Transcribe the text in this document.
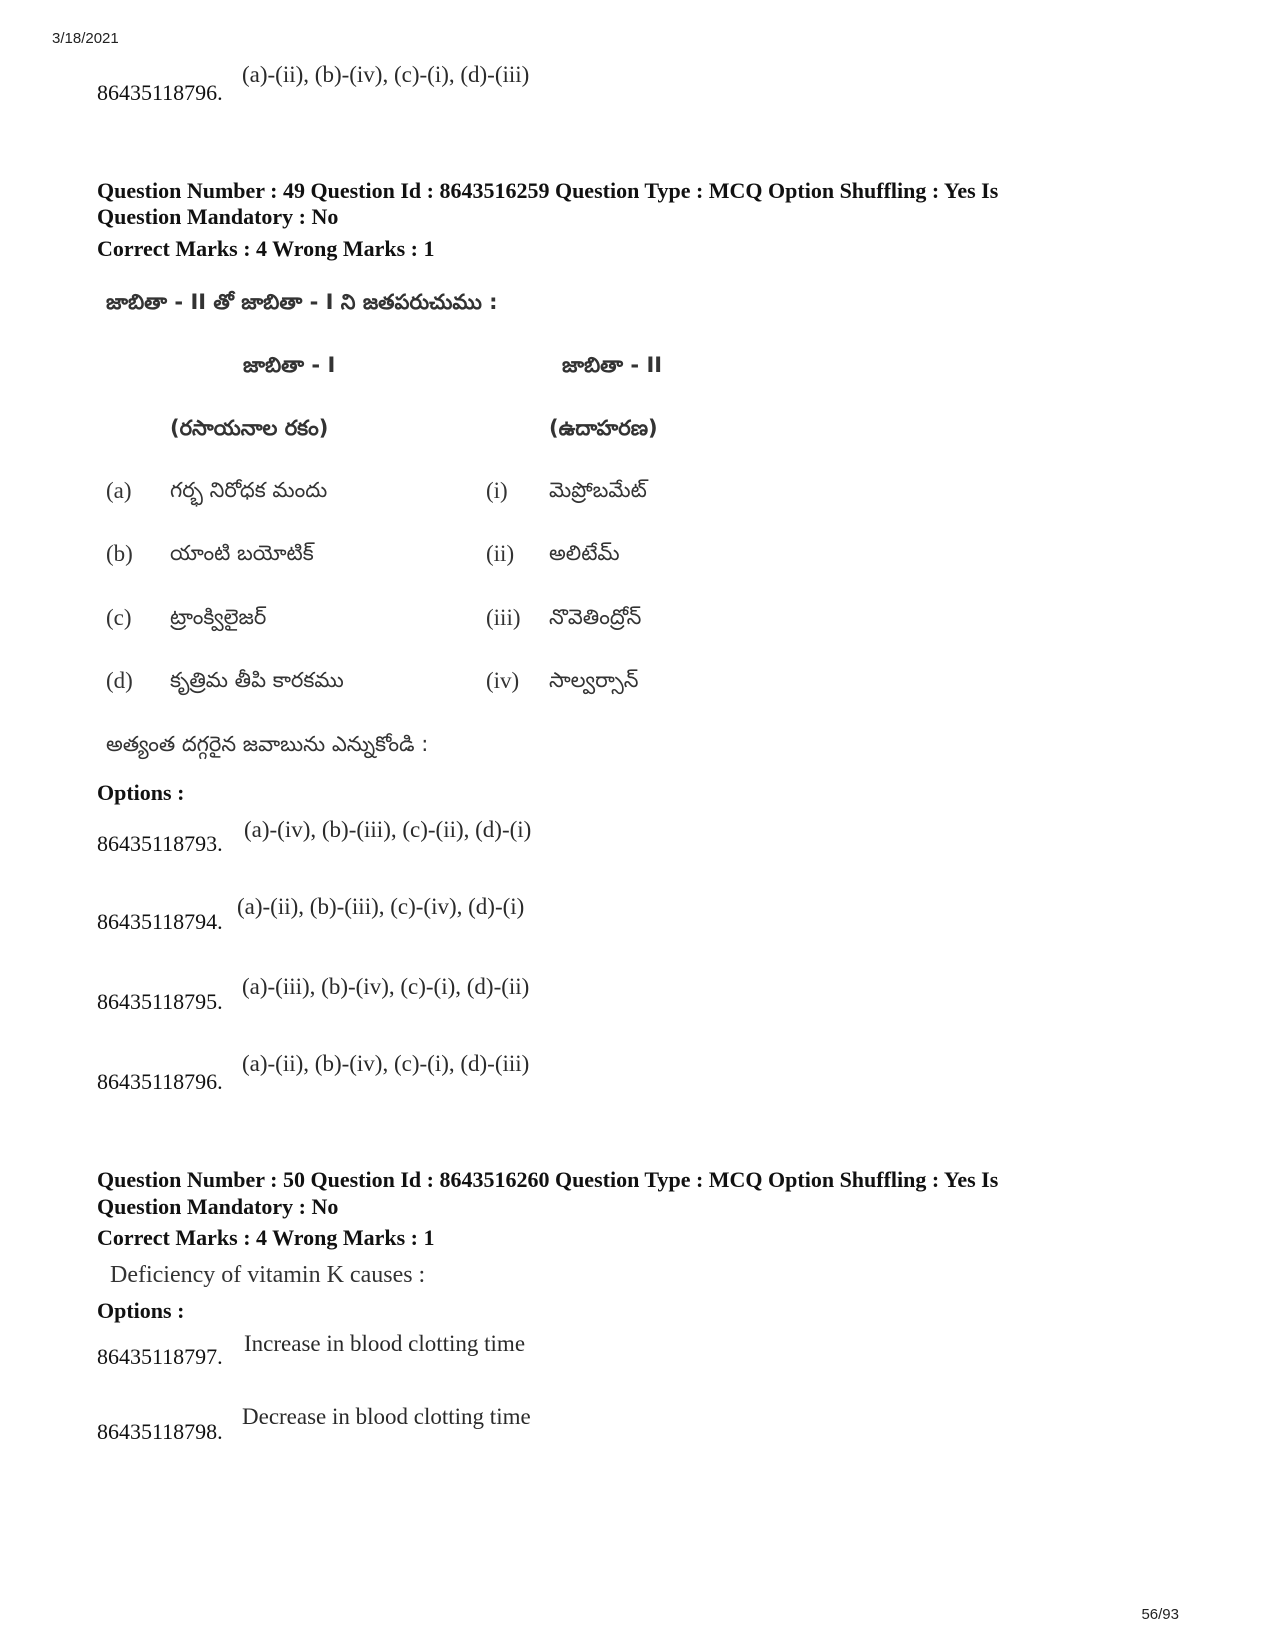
3/18/2021
56/93
86435118796.
(a)-(ii), (b)-(iv), (c)-(i), (d)-(iii)
Question Number : 49 Question Id : 8643516259 Question Type : MCQ Option Shuffling : Yes Is
Question Mandatory : No
Correct Marks : 4 Wrong Marks : 1
జాబితా - II తో జాబితా - I ని జతపరుచుము :
జాబితా - I	జాబితా - II
(రసాయనాల రకం)	(ఉదాహరణ)
(a) గర్భ నిరోధక మందు	(i) మెప్రోబమేట్
(b) యాంటి బయోటిక్	(ii) అలిటేమ్
(c) ట్రాంక్విలైజర్	(iii) నొవెతింద్రోన్
(d) కృత్రిమ తీపి కారకము	(iv) సాల్వర్సాన్
అత్యంత దగ్గరైన జవాబును ఎన్నుకోండి :
Options :
86435118793.
(a)-(iv), (b)-(iii), (c)-(ii), (d)-(i)
86435118794.
(a)-(ii), (b)-(iii), (c)-(iv), (d)-(i)
86435118795.
(a)-(iii), (b)-(iv), (c)-(i), (d)-(ii)
86435118796.
(a)-(ii), (b)-(iv), (c)-(i), (d)-(iii)
Question Number : 50 Question Id : 8643516260 Question Type : MCQ Option Shuffling : Yes Is
Question Mandatory : No
Correct Marks : 4 Wrong Marks : 1
Deficiency of vitamin K causes :
Options :
86435118797.
Increase in blood clotting time
86435118798.
Decrease in blood clotting time
